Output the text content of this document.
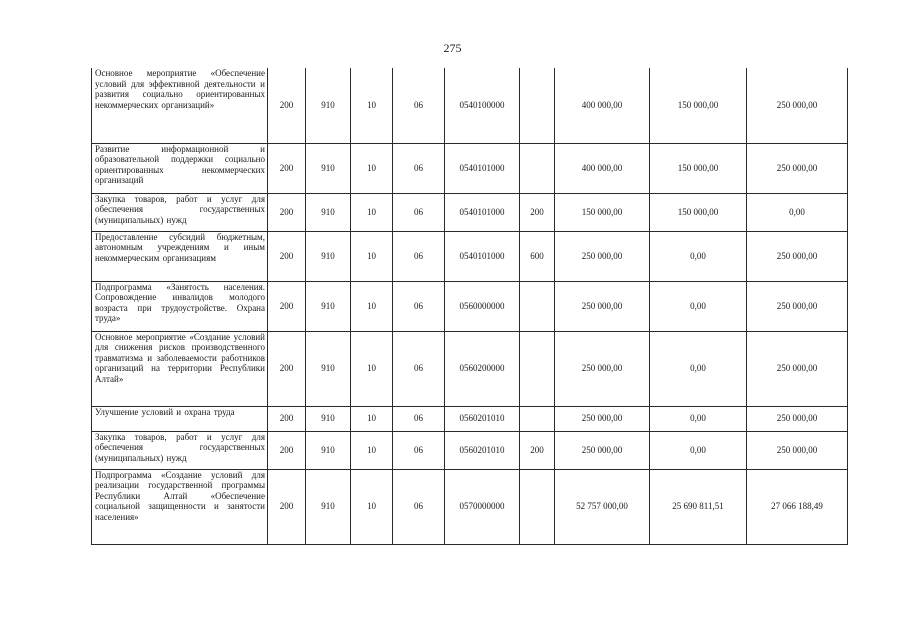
275
Основное мероприятие «Обеспечение условий для эффективной деятельности и развития социально ориентированных некоммерческих организаций»	200	910	10	06	0540100000		400 000,00	150 000,00	250 000,00
Развитие информационной и образовательной поддержки социально ориентированных некоммерческих организаций	200	910	10	06	0540101000		400 000,00	150 000,00	250 000,00
Закупка товаров, работ и услуг для обеспечения государственных (муниципальных) нужд	200	910	10	06	0540101000	200	150 000,00	150 000,00	0,00
Предоставление субсидий бюджетным, автономным учреждениям и иным некоммерческим организациям	200	910	10	06	0540101000	600	250 000,00	0,00	250 000,00
Подпрограмма «Занятость населения. Сопровождение инвалидов молодого возраста при трудоустройстве. Охрана труда»	200	910	10	06	0560000000		250 000,00	0,00	250 000,00
Основное мероприятие «Создание условий для снижения рисков производственного травматизма и заболеваемости работников организаций на территории Республики Алтай»	200	910	10	06	0560200000		250 000,00	0,00	250 000,00
Улучшение условий и охрана труда	200	910	10	06	0560201010		250 000,00	0,00	250 000,00
Закупка товаров, работ и услуг для обеспечения государственных (муниципальных) нужд	200	910	10	06	0560201010	200	250 000,00	0,00	250 000,00
Подпрограмма «Создание условий для реализации государственной программы Республики Алтай «Обеспечение социальной защищенности и занятости населения»	200	910	10	06	0570000000		52 757 000,00	25 690 811,51	27 066 188,49
